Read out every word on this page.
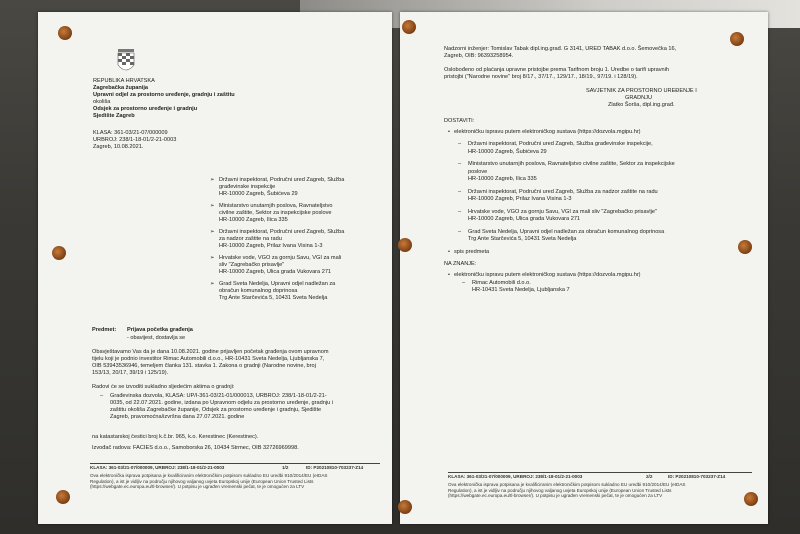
REPUBLIKA HRVATSKA
Zagrebačka županija
Upravni odjel za prostorno uređenje, gradnju i zaštitu
okoliša
Odsjek za prostorno uređenje i gradnju
Sjedište Zagreb
KLASA: 361-03/21-07/000009
URBROJ: 238/1-18-01/2-21-0003
Zagreb, 10.08.2021.
➢ Državni inspektorat, Područni ured Zagreb, Služba
građevinske inspekcije
HR-10000 Zagreb, Šubićeva 29
➢ Ministarstvo unutarnjih poslova, Ravnateljstvo
civilne zaštite, Sektor za inspekcijske poslove
HR-10000 Zagreb, Ilica 335
➢ Državni inspektorat, Područni ured Zagreb, Služba
za nadzor zaštite na radu
HR-10000 Zagreb, Prilaz Ivana Visina 1-3
➢ Hrvatske vode, VGO za gornju Savu, VGI za mali
sliv "Zagrebačko prisavlje"
HR-10000 Zagreb, Ulica grada Vukovara 271
➢ Grad Sveta Nedelja, Upravni odjel nadležan za
obračun komunalnog doprinosa
Trg Ante Starčevića 5, 10431 Sveta Nedelja
Predmet: Prijava početka građenja
- obavijest, dostavlja se
Obavještavamo Vas da je dana 10.08.2021. godine prijavljen početak građenja ovom upravnom
tijelu koji je podnio investitor Rimac Automobili d.o.o., HR-10431 Sveta Nedelja, Ljubljanska 7,
OIB 53943536946, temeljem članka 131. stavka 1. Zakona o gradnji (Narodne novine, broj
153/13, 20/17, 39/19 i 125/19).
Radovi će se izvoditi sukladno sljedećim aktima o gradnji:
– Građevinska dozvola, KLASA: UP/I-361-03/21-01/000013, URBROJ: 238/1-18-01/2-21-
0035, od 22.07.2021. godine, izdana po Upravnom odjelu za prostorno uređenje, gradnju i
zaštitu okoliša Zagrebačke županije, Odsjek za prostorno uređenje i gradnju, Sjedište
Zagreb, pravomoćna/izvršna dana 27.07.2021. godine
na katastarskoj čestici broj k.č.br. 965, k.o. Kerestinec (Kerestinec).
Izvođač radova: FACIES d.o.o., Samoborska 26, 10434 Strmec, OIB 32726969998.
KLASA: 361-03/21-07/000009, URBROJ: 238/1-18-01/2-21-0003	1/2	ID: P20210810-703237-Z14
Ova elektronička isprava potpisana je kvalificiranim elektroničkim potpisom sukladno EU uredbi 910/2014/EU (eIDAS
Regulation), a ist je vidljiv na području njihovog valjanog uvjeta Europskoj unije (European Union Trusted Lists
(https://webgate.ec.europa.eu/tl-browser/). U potpisu je ugrađen vremenski pečat, te je omogućen za LTV
Nadzorni inženjer: Tomislav Tabak dipl.ing.građ. G 3141, URED TABAK d.o.o. Šemovečka 16,
Zagreb, OIB: 96393258954.
Oslobođeno od plaćanja upravne pristojbe prema Tarifnom broju 1. Uredbe o tarifi upravnih
pristojbi ("Narodne novine" broj 8/17., 37/17., 129/17., 18/19., 97/19. i 128/19).
SAVJETNIK ZA PROSTORNO UREĐENJE I
GRADNJU
Zlatko Šorša, dipl.ing.građ.
DOSTAVITI:
• elektroničku ispravu putem elektroničkog sustava (https://dozvola.mgipu.hr)
– Državni inspektorat, Područni ured Zagreb, Služba građevinske inspekcije,
HR-10000 Zagreb, Šubićeva 29
– Ministarstvo unutarnjih poslova, Ravnateljstvo civilne zaštite, Sektor za inspekcijske
poslove
HR-10000 Zagreb, Ilica 335
– Državni inspektorat, Područni ured Zagreb, Služba za nadzor zaštite na radu
HR-10000 Zagreb, Prilaz Ivana Visina 1-3
– Hrvatske vode, VGO za gornju Savu, VGI za mali sliv "Zagrebačko prisavlje"
HR-10000 Zagreb, Ulica grada Vukovara 271
– Grad Sveta Nedelja, Upravni odjel nadležan za obračun komunalnog doprinosa
Trg Ante Starčevića 5, 10431 Sveta Nedelja
• spis predmeta
NA ZNANJE:
• elektroničku ispravu putem elektroničkog sustava (https://dozvola.mgipu.hr)
– Rimac Automobili d.o.o.
HR-10431 Sveta Nedelja, Ljubljanska 7
KLASA: 361-03/21-07/000009, URBROJ: 238/1-18-01/2-21-0003	2/2	ID: P20210810-703237-Z14
Ova elektronička isprava potpisana je kvalificiranim elektroničkim potpisom sukladno EU uredbi 910/2014/EU (eIDAS
Regulation), a ist je vidljiv na području njihovog valjanog uvjeta Europskoj unije (European Union Trusted Lists
(https://webgate.ec.europa.eu/tl-browser/). U potpisu je ugrađen vremenski pečat, te je omogućen za LTV
